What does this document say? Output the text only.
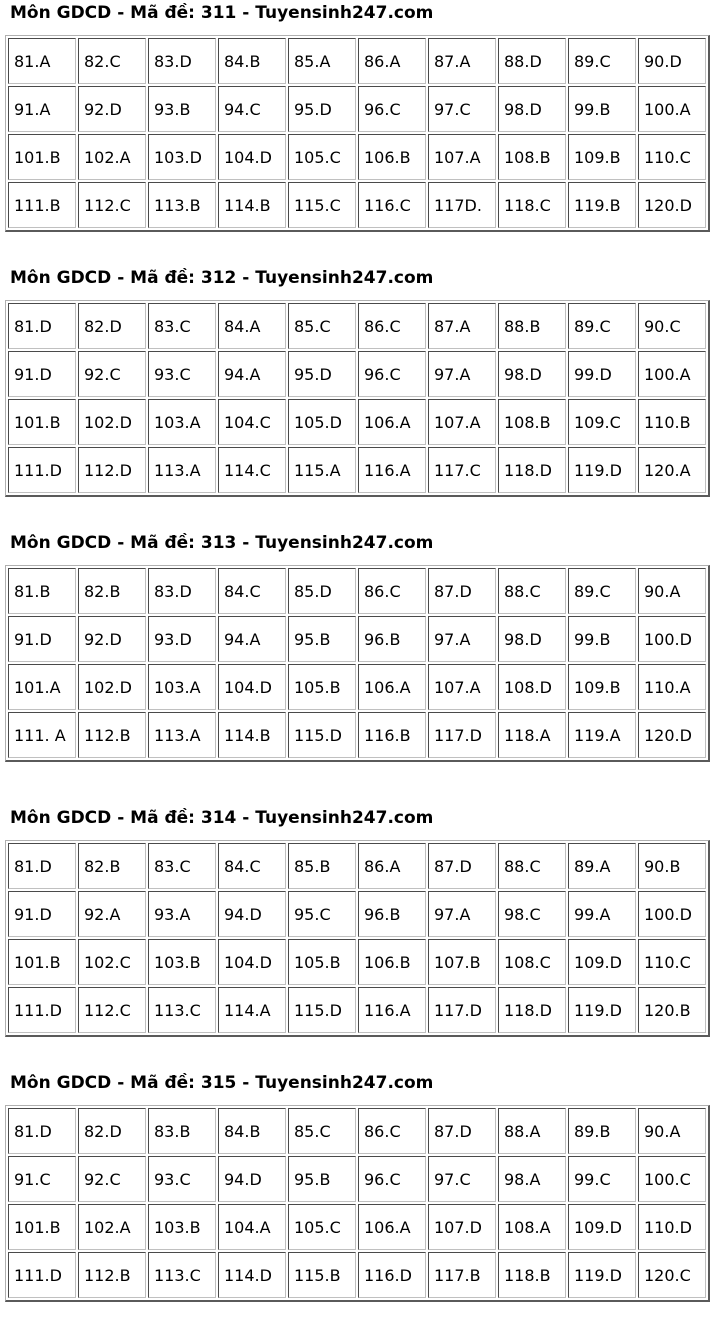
Môn GDCD - Mã đề: 311 - Tuyensinh247.com
81.A	82.C	83.D	84.B	85.A	86.A	87.A	88.D	89.C	90.D
91.A	92.D	93.B	94.C	95.D	96.C	97.C	98.D	99.B	100.A
101.B	102.A	103.D	104.D	105.C	106.B	107.A	108.B	109.B	110.C
111.B	112.C	113.B	114.B	115.C	116.C	117D.	118.C	119.B	120.D
Môn GDCD - Mã đề: 312 - Tuyensinh247.com
81.D	82.D	83.C	84.A	85.C	86.C	87.A	88.B	89.C	90.C
91.D	92.C	93.C	94.A	95.D	96.C	97.A	98.D	99.D	100.A
101.B	102.D	103.A	104.C	105.D	106.A	107.A	108.B	109.C	110.B
111.D	112.D	113.A	114.C	115.A	116.A	117.C	118.D	119.D	120.A
Môn GDCD - Mã đề: 313 - Tuyensinh247.com
81.B	82.B	83.D	84.C	85.D	86.C	87.D	88.C	89.C	90.A
91.D	92.D	93.D	94.A	95.B	96.B	97.A	98.D	99.B	100.D
101.A	102.D	103.A	104.D	105.B	106.A	107.A	108.D	109.B	110.A
111. A	112.B	113.A	114.B	115.D	116.B	117.D	118.A	119.A	120.D
Môn GDCD - Mã đề: 314 - Tuyensinh247.com
81.D	82.B	83.C	84.C	85.B	86.A	87.D	88.C	89.A	90.B
91.D	92.A	93.A	94.D	95.C	96.B	97.A	98.C	99.A	100.D
101.B	102.C	103.B	104.D	105.B	106.B	107.B	108.C	109.D	110.C
111.D	112.C	113.C	114.A	115.D	116.A	117.D	118.D	119.D	120.B
Môn GDCD - Mã đề: 315 - Tuyensinh247.com
81.D	82.D	83.B	84.B	85.C	86.C	87.D	88.A	89.B	90.A
91.C	92.C	93.C	94.D	95.B	96.C	97.C	98.A	99.C	100.C
101.B	102.A	103.B	104.A	105.C	106.A	107.D	108.A	109.D	110.D
111.D	112.B	113.C	114.D	115.B	116.D	117.B	118.B	119.D	120.C
